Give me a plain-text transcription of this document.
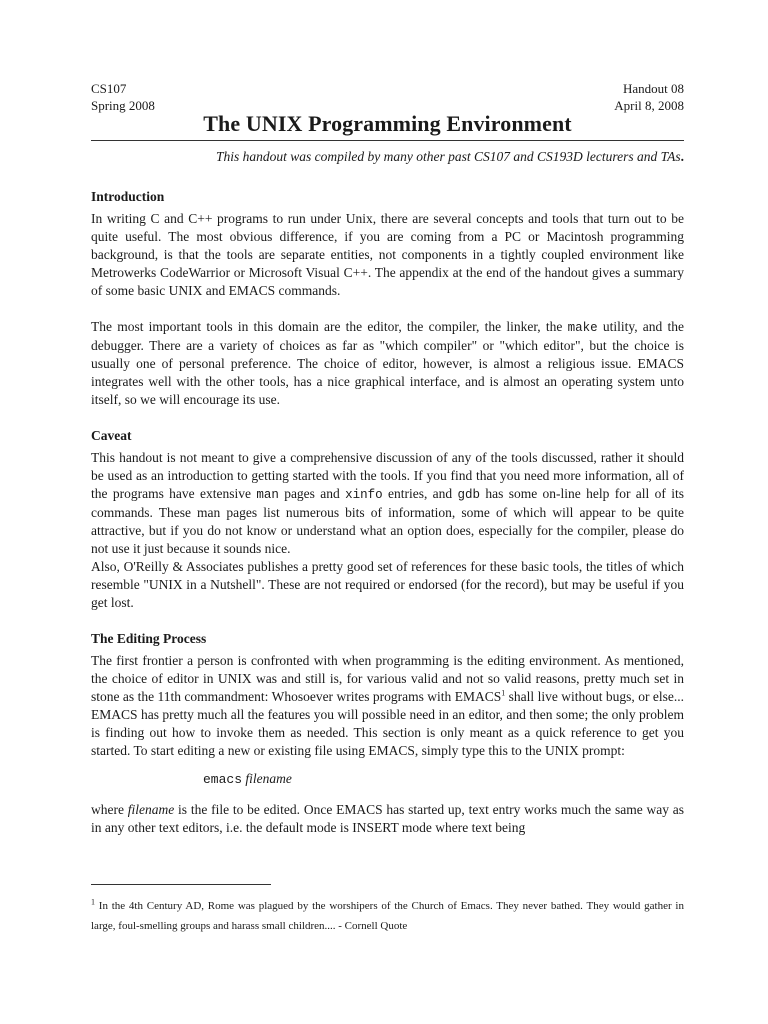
CS107
Spring 2008
Handout 08
April 8, 2008
The UNIX Programming Environment
This handout was compiled by many other past CS107 and CS193D lecturers and TAs.
Introduction

In writing C and C++ programs to run under Unix, there are several concepts and tools that turn out to be quite useful. The most obvious difference, if you are coming from a PC or Macintosh programming background, is that the tools are separate entities, not components in a tightly coupled environment like Metrowerks CodeWarrior or Microsoft Visual C++. The appendix at the end of the handout gives a summary of some basic UNIX and EMACS commands.

The most important tools in this domain are the editor, the compiler, the linker, the make utility, and the debugger. There are a variety of choices as far as "which compiler" or "which editor", but the choice is usually one of personal preference. The choice of editor, however, is almost a religious issue. EMACS integrates well with the other tools, has a nice graphical interface, and is almost an operating system unto itself, so we will encourage its use.

Caveat

This handout is not meant to give a comprehensive discussion of any of the tools discussed, rather it should be used as an introduction to getting started with the tools. If you find that you need more information, all of the programs have extensive man pages and xinfo entries, and gdb has some on-line help for all of its commands. These man pages list numerous bits of information, some of which will appear to be quite attractive, but if you do not know or understand what an option does, especially for the compiler, please do not use it just because it sounds nice.

Also, O'Reilly & Associates publishes a pretty good set of references for these basic tools, the titles of which resemble "UNIX in a Nutshell". These are not required or endorsed (for the record), but may be useful if you get lost.

The Editing Process

The first frontier a person is confronted with when programming is the editing environment. As mentioned, the choice of editor in UNIX was and still is, for various valid and not so valid reasons, pretty much set in stone as the 11th commandment: Whosoever writes programs with EMACS$^1$ shall live without bugs, or else... EMACS has pretty much all the features you will possible need in an editor, and then some; the only problem is finding out how to invoke them as needed. This section is only meant as a quick reference to get you started. To start editing a new or existing file using EMACS, simply type this to the UNIX prompt:

emacs filename

where filename is the file to be edited. Once EMACS has started up, text entry works much the same way as in any other text editors, i.e. the default mode is INSERT mode where text being

$^1$ In the 4th Century AD, Rome was plagued by the worshipers of the Church of Emacs. They never bathed. They would gather in large, foul-smelling groups and harass small children.... - Cornell Quote
